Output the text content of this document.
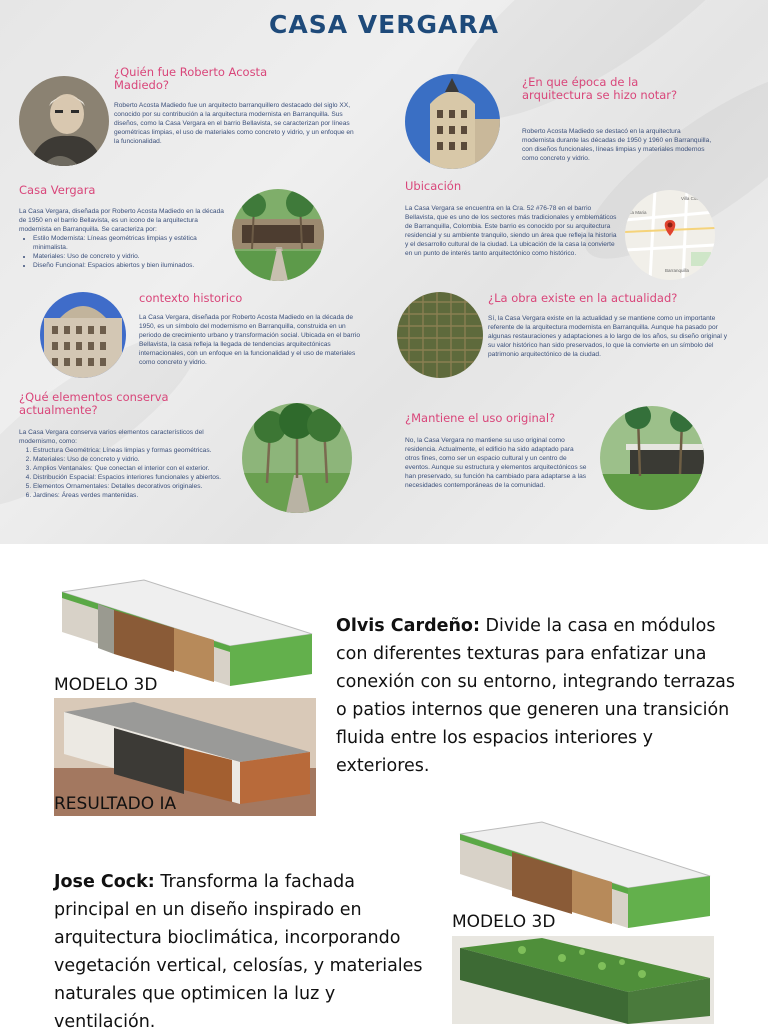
CASA VERGARA
¿Quién fue Roberto Acosta Madiedo?
Roberto Acosta Madiedo fue un arquitecto barranquillero destacado del siglo XX, conocido por su contribución a la arquitectura modernista en Barranquilla. Sus diseños, como la Casa Vergara en el barrio Bellavista, se caracterizan por líneas geométricas limpias, el uso de materiales como concreto y vidrio, y un enfoque en la funcionalidad.
¿En que época de la arquitectura se hizo notar?
Roberto Acosta Madiedo se destacó en la arquitectura modernista durante las décadas de 1950 y 1960 en Barranquilla, con diseños funcionales, líneas limpias y materiales modernos como concreto y vidrio.
Casa Vergara
La Casa Vergara, diseñada por Roberto Acosta Madiedo en la década de 1950 en el barrio Bellavista, es un icono de la arquitectura modernista en Barranquilla. Se caracteriza por:
• Estilo Modernista: Líneas geométricas limpias y estética minimalista.
• Materiales: Uso de concreto y vidrio.
• Diseño Funcional: Espacios abiertos y bien iluminados.
Ubicación
La Casa Vergara se encuentra en la Cra. 52 #76-78 en el barrio Bellavista, que es uno de los sectores más tradicionales y emblemáticos de Barranquilla, Colombia. Este barrio es conocido por su arquitectura residencial y su ambiente tranquilo, siendo un área que refleja la historia y el desarrollo cultural de la ciudad. La ubicación de la casa la convierte en un punto de interés tanto arquitectónico como histórico.
Villa Country
La Maria
Barranquilla
contexto historico
La Casa Vergara, diseñada por Roberto Acosta Madiedo en la década de 1950, es un símbolo del modernismo en Barranquilla, construida en un periodo de crecimiento urbano y transformación social. Ubicada en el barrio Bellavista, la casa refleja la llegada de tendencias arquitectónicas internacionales, con un enfoque en la funcionalidad y el uso de materiales como concreto y vidrio.
¿La obra existe en la actualidad?
Sí, la Casa Vergara existe en la actualidad y se mantiene como un importante referente de la arquitectura modernista en Barranquilla. Aunque ha pasado por algunas restauraciones y adaptaciones a lo largo de los años, su diseño original y su valor histórico han sido preservados, lo que la convierte en un símbolo del patrimonio arquitectónico de la ciudad.
¿Qué elementos conserva actualmente?
La Casa Vergara conserva varios elementos característicos del modernismo, como:
1. Estructura Geométrica: Líneas limpias y formas geométricas.
2. Materiales: Uso de concreto y vidrio.
3. Amplios Ventanales: Que conectan el interior con el exterior.
4. Distribución Espacial: Espacios interiores funcionales y abiertos.
5. Elementos Ornamentales: Detalles decorativos originales.
6. Jardines: Áreas verdes mantenidas.
¿Mantiene el uso original?
No, la Casa Vergara no mantiene su uso original como residencia. Actualmente, el edificio ha sido adaptado para otros fines, como ser un espacio cultural y un centro de eventos. Aunque su estructura y elementos arquitectónicos se han preservado, su función ha cambiado para adaptarse a las necesidades contemporáneas de la comunidad.
MODELO 3D
RESULTADO IA
Olvis Cardeño: Divide la casa en módulos con diferentes texturas para enfatizar una conexión con su entorno, integrando terrazas o patios internos que generen una transición fluida entre los espacios interiores y exteriores.
MODELO 3D
Jose Cock: Transforma la fachada principal en un diseño inspirado en arquitectura bioclimática, incorporando vegetación vertical, celosías, y materiales naturales que optimicen la luz y ventilación.
